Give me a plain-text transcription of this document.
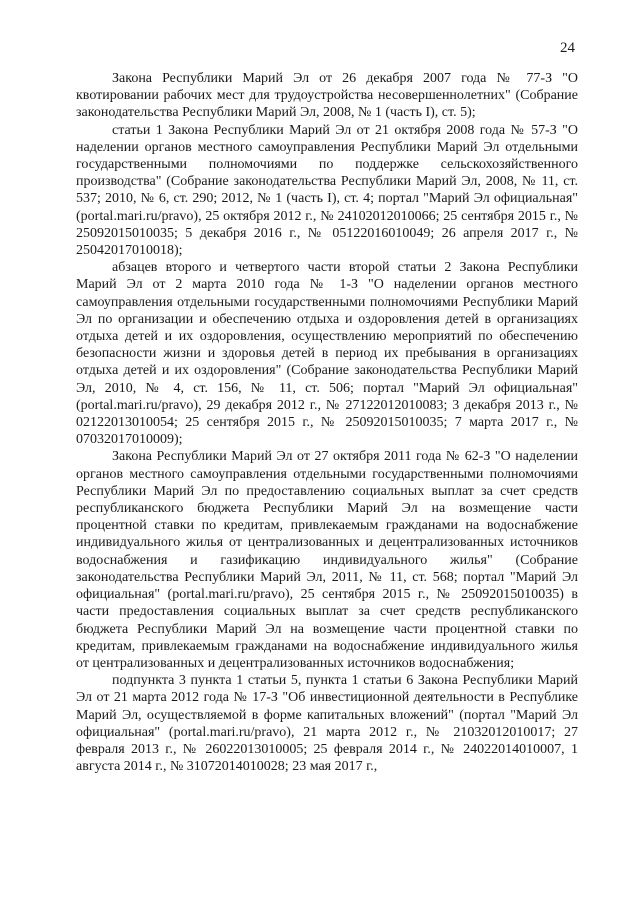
24

Закона Республики Марий Эл от 26 декабря 2007 года № 77-З "О квотировании рабочих мест для трудоустройства несовершеннолетних" (Собрание законодательства Республики Марий Эл, 2008, № 1 (часть I), ст. 5);

статьи 1 Закона Республики Марий Эл от 21 октября 2008 года № 57-З "О наделении органов местного самоуправления Республики Марий Эл отдельными государственными полномочиями по поддержке сельскохозяйственного производства" (Собрание законодательства Республики Марий Эл, 2008, № 11, ст. 537; 2010, № 6, ст. 290; 2012, № 1 (часть I), ст. 4; портал "Марий Эл официальная" (portal.mari.ru/pravo), 25 октября 2012 г., № 24102012010066; 25 сентября 2015 г., № 25092015010035; 5 декабря 2016 г., № 05122016010049; 26 апреля 2017 г., № 25042017010018);

абзацев второго и четвертого части второй статьи 2 Закона Республики Марий Эл от 2 марта 2010 года № 1-З "О наделении органов местного самоуправления отдельными государственными полномочиями Республики Марий Эл по организации и обеспечению отдыха и оздоровления детей в организациях отдыха детей и их оздоровления, осуществлению мероприятий по обеспечению безопасности жизни и здоровья детей в период их пребывания в организациях отдыха детей и их оздоровления" (Собрание законодательства Республики Марий Эл, 2010, № 4, ст. 156, № 11, ст. 506; портал "Марий Эл официальная" (portal.mari.ru/pravo), 29 декабря 2012 г., № 27122012010083; 3 декабря 2013 г., № 02122013010054; 25 сентября 2015 г., № 25092015010035; 7 марта 2017 г., № 07032017010009);

Закона Республики Марий Эл от 27 октября 2011 года № 62-З "О наделении органов местного самоуправления отдельными государственными полномочиями Республики Марий Эл по предоставлению социальных выплат за счет средств республиканского бюджета Республики Марий Эл на возмещение части процентной ставки по кредитам, привлекаемым гражданами на водоснабжение индивидуального жилья от централизованных и децентрализованных источников водоснабжения и газификацию индивидуального жилья" (Собрание законодательства Республики Марий Эл, 2011, № 11, ст. 568; портал "Марий Эл официальная" (portal.mari.ru/pravo), 25 сентября 2015 г., № 25092015010035) в части предоставления социальных выплат за счет средств республиканского бюджета Республики Марий Эл на возмещение части процентной ставки по кредитам, привлекаемым гражданами на водоснабжение индивидуального жилья от централизованных и децентрализованных источников водоснабжения;

подпункта 3 пункта 1 статьи 5, пункта 1 статьи 6 Закона Республики Марий Эл от 21 марта 2012 года № 17-З "Об инвестиционной деятельности в Республике Марий Эл, осуществляемой в форме капитальных вложений" (портал "Марий Эл официальная" (portal.mari.ru/pravo), 21 марта 2012 г., № 21032012010017; 27 февраля 2013 г., № 26022013010005; 25 февраля 2014 г., № 24022014010007, 1 августа 2014 г., № 31072014010028; 23 мая 2017 г.,
